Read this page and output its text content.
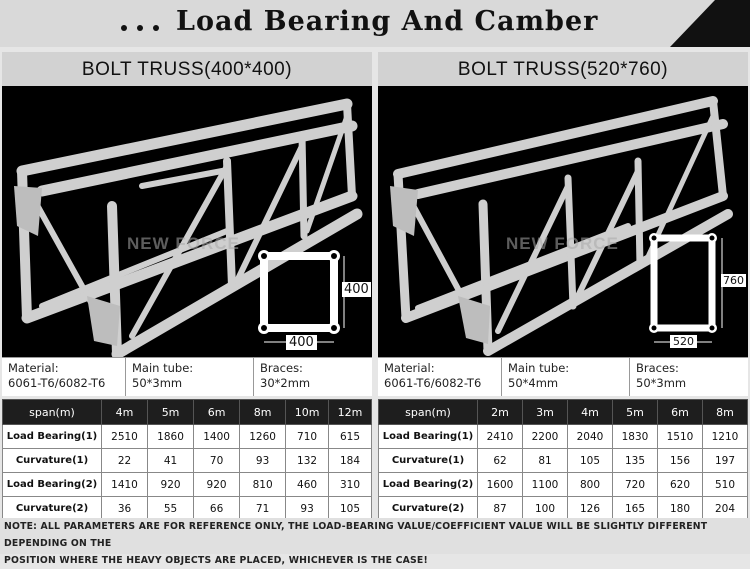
Load Bearing And Camber
BOLT TRUSS(400*400)
NEW FORCE
400
400
Material:
6061-T6/6082-T6
Main tube:
50*3mm
Braces:
30*2mm
span(m)	4m	5m	6m	8m	10m	12m
Load Bearing(1)	2510	1860	1400	1260	710	615
Curvature(1)	22	41	70	93	132	184
Load Bearing(2)	1410	920	920	810	460	310
Curvature(2)	36	55	66	71	93	105
BOLT TRUSS(520*760)
NEW FORCE
760
520
Material:
6061-T6/6082-T6
Main tube:
50*4mm
Braces:
50*3mm
span(m)	2m	3m	4m	5m	6m	8m
Load Bearing(1)	2410	2200	2040	1830	1510	1210
Curvature(1)	62	81	105	135	156	197
Load Bearing(2)	1600	1100	800	720	620	510
Curvature(2)	87	100	126	165	180	204
NOTE: ALL PARAMETERS ARE FOR REFERENCE ONLY, THE LOAD-BEARING VALUE/COEFFICIENT VALUE WILL BE SLIGHTLY DIFFERENT DEPENDING ON THE
POSITION WHERE THE HEAVY OBJECTS ARE PLACED, WHICHEVER IS THE CASE!
